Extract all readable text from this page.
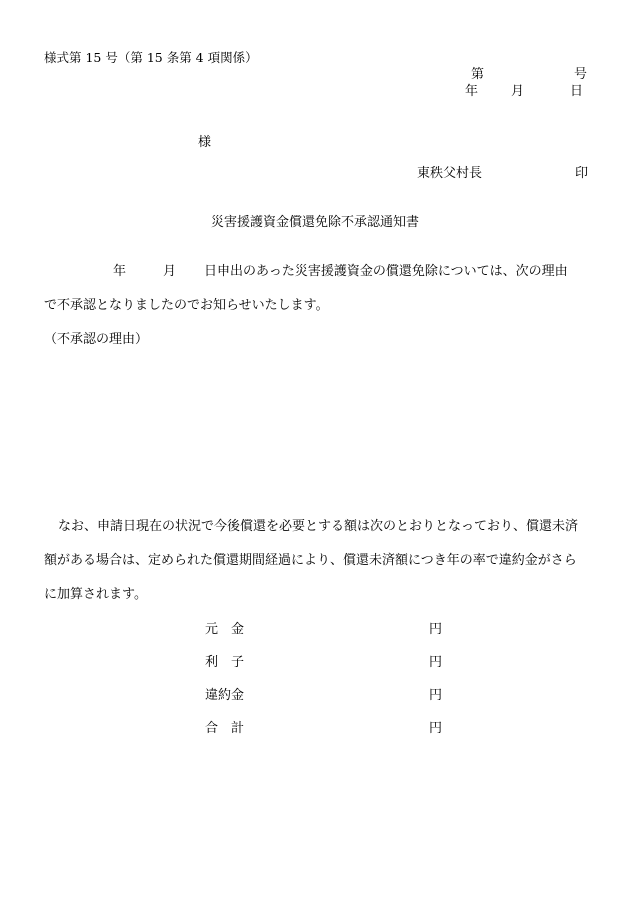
様式第 15 号（第 15 条第 4 項関係）
第	号
年	月	日
様
東秩父村長	印
災害援護資金償還免除不承認通知書
年	月 日申出のあった災害援護資金の償還免除については、次の理由
で不承認となりましたのでお知らせいたします。
（不承認の理由）
なお、申請日現在の状況で今後償還を必要とする額は次のとおりとなっており、償還未済
額がある場合は、定められた償還期間経過により、償還未済額につき年の率で違約金がさら
に加算されます。
元　金	円
利　子	円
違約金	円
合　計	円
